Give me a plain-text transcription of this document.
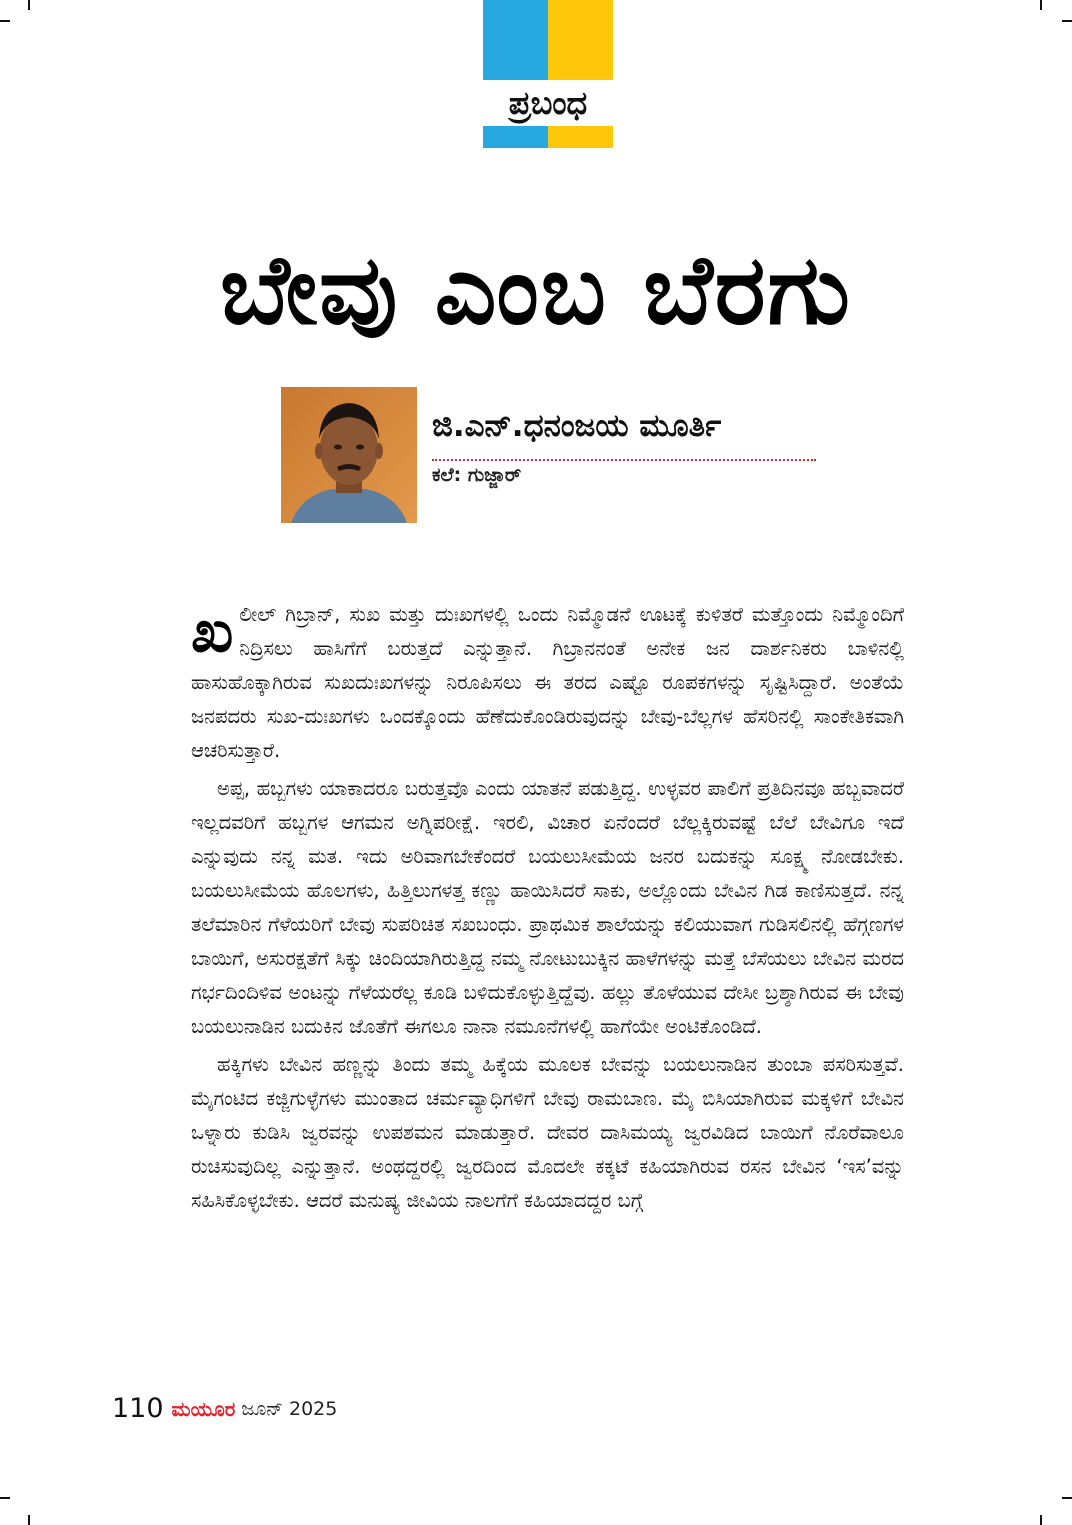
ಪ್ರಬಂಧ
ಬೇವು ಎಂಬ ಬೆರಗು
ಜಿ.ಎನ್.ಧನಂಜಯ ಮೂರ್ತಿ
ಕಲೆ: ಗುಜ್ಜಾರ್

ಖಲೀಲ್ ಗಿಬ್ರಾನ್, ಸುಖ ಮತ್ತು ದುಃಖಗಳಲ್ಲಿ ಒಂದು ನಿಮ್ಮೊಡನೆ ಊಟಕ್ಕೆ ಕುಳಿತರೆ ಮತ್ತೊಂದು ನಿಮ್ಮೊಂದಿಗೆ ನಿದ್ರಿಸಲು ಹಾಸಿಗೆಗೆ ಬರುತ್ತದೆ ಎನ್ನುತ್ತಾನೆ. ಗಿಬ್ರಾನನಂತೆ ಅನೇಕ ಜನ ದಾರ್ಶನಿಕರು ಬಾಳಿನಲ್ಲಿ ಹಾಸುಹೊಕ್ಕಾಗಿರುವ ಸುಖದುಃಖಗಳನ್ನು ನಿರೂಪಿಸಲು ಈ ತರದ ಎಷ್ಟೊ ರೂಪಕಗಳನ್ನು ಸೃಷ್ಟಿಸಿದ್ದಾರೆ. ಅಂತೆಯೆ ಜನಪದರು ಸುಖ-ದುಃಖಗಳು ಒಂದಕ್ಕೊಂದು ಹೆಣೆದುಕೊಂಡಿರುವುದನ್ನು ಬೇವು-ಬೆಲ್ಲಗಳ ಹೆಸರಿನಲ್ಲಿ ಸಾಂಕೇತಿಕವಾಗಿ ಆಚರಿಸುತ್ತಾರೆ.

ಅಪ್ಪ, ಹಬ್ಬಗಳು ಯಾಕಾದರೂ ಬರುತ್ತವೊ ಎಂದು ಯಾತನೆ ಪಡುತ್ತಿದ್ದ. ಉಳ್ಳವರ ಪಾಲಿಗೆ ಪ್ರತಿದಿನವೂ ಹಬ್ಬವಾದರೆ ಇಲ್ಲದವರಿಗೆ ಹಬ್ಬಗಳ ಆಗಮನ ಅಗ್ನಿಪರೀಕ್ಷೆ. ಇರಲಿ, ವಿಚಾರ ಏನೆಂದರೆ ಬೆಲ್ಲಕ್ಕಿರುವಷ್ಟೆ ಬೆಲೆ ಬೇವಿಗೂ ಇದೆ ಎನ್ನುವುದು ನನ್ನ ಮತ. ಇದು ಅರಿವಾಗಬೇಕೆಂದರೆ ಬಯಲುಸೀಮೆಯ ಜನರ ಬದುಕನ್ನು ಸೂಕ್ಷ್ಮ ನೋಡಬೇಕು. ಬಯಲುಸೀಮೆಯ ಹೊಲಗಳು, ಹಿತ್ತಿಲುಗಳತ್ತ ಕಣ್ಣು ಹಾಯಿಸಿದರೆ ಸಾಕು, ಅಲ್ಲೊಂದು ಬೇವಿನ ಗಿಡ ಕಾಣಿಸುತ್ತದೆ. ನನ್ನ ತಲೆಮಾರಿನ ಗೆಳೆಯರಿಗೆ ಬೇವು ಸುಪರಿಚಿತ ಸಖಬಂಧು. ಪ್ರಾಥಮಿಕ ಶಾಲೆಯನ್ನು ಕಲಿಯುವಾಗ ಗುಡಿಸಲಿನಲ್ಲಿ ಹೆಗ್ಗಣಗಳ ಬಾಯಿಗೆ, ಅಸುರಕ್ಷತೆಗೆ ಸಿಕ್ಕು ಚಿಂದಿಯಾಗಿರುತ್ತಿದ್ದ ನಮ್ಮ ನೋಟುಬುಕ್ಕಿನ ಹಾಳೆಗಳನ್ನು ಮತ್ತೆ ಬೆಸೆಯಲು ಬೇವಿನ ಮರದ ಗರ್ಭದಿಂದಿಳಿವ ಅಂಟನ್ನು ಗೆಳೆಯರೆಲ್ಲ ಕೂಡಿ ಬಳಿದುಕೊಳ್ಳುತ್ತಿದ್ದೆವು. ಹಲ್ಲು ತೊಳೆಯುವ ದೇಸೀ ಬ್ರಶ್ಶಾಗಿರುವ ಈ ಬೇವು ಬಯಲುನಾಡಿನ ಬದುಕಿನ ಜೊತೆಗೆ ಈಗಲೂ ನಾನಾ ನಮೂನೆಗಳಲ್ಲಿ ಹಾಗೆಯೇ ಅಂಟಿಕೊಂಡಿದೆ.

ಹಕ್ಕಿಗಳು ಬೇವಿನ ಹಣ್ಣನ್ನು ತಿಂದು ತಮ್ಮ ಹಿಕ್ಕೆಯ ಮೂಲಕ ಬೇವನ್ನು ಬಯಲುನಾಡಿನ ತುಂಬಾ ಪಸರಿಸುತ್ತವೆ. ಮೈಗಂಟಿದ ಕಜ್ಜಿಗುಳ್ಳೆಗಳು ಮುಂತಾದ ಚರ್ಮವ್ಯಾಧಿಗಳಿಗೆ ಬೇವು ರಾಮಬಾಣ. ಮೈ ಬಿಸಿಯಾಗಿರುವ ಮಕ್ಕಳಿಗೆ ಬೇವಿನ ಒಳ್ನಾರು ಕುಡಿಸಿ ಜ್ವರವನ್ನು ಉಪಶಮನ ಮಾಡುತ್ತಾರೆ. ದೇವರ ದಾಸಿಮಯ್ಯ ಜ್ವರವಿಡಿದ ಬಾಯಿಗೆ ನೊರೆವಾಲೂ ರುಚಿಸುವುದಿಲ್ಲ ಎನ್ನುತ್ತಾನೆ. ಅಂಥದ್ದರಲ್ಲಿ ಜ್ವರದಿಂದ ಮೊದಲೇ ಕಕ್ಕಟೆ ಕಹಿಯಾಗಿರುವ ರಸನ ಬೇವಿನ ‘ಇಸ’ವನ್ನು ಸಹಿಸಿಕೊಳ್ಳಬೇಕು. ಆದರೆ ಮನುಷ್ಯ ಜೀವಿಯ ನಾಲಗೆಗೆ ಕಹಿಯಾದದ್ದರ ಬಗ್ಗೆ

110 ಮಯೂರ ಜೂನ್ 2025
